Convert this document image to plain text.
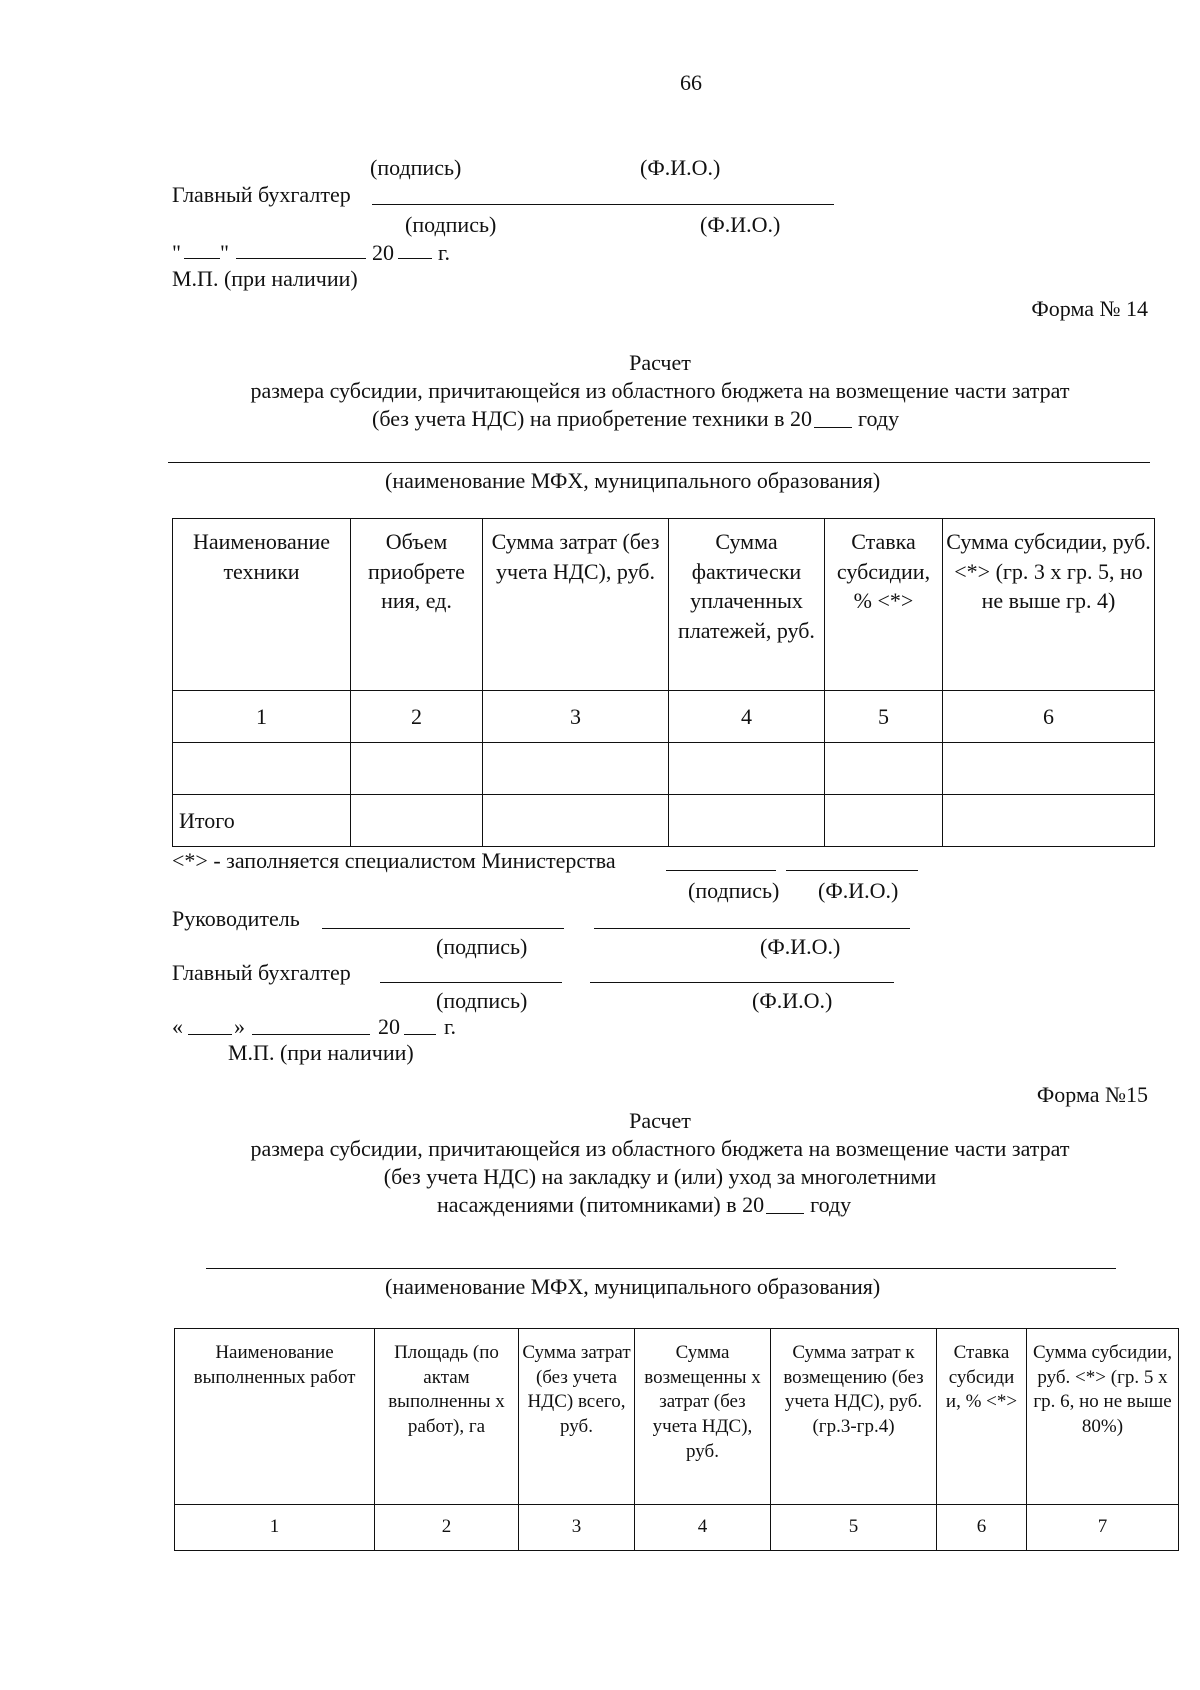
66
(подпись)	(Ф.И.О.)
Главный бухгалтер
(подпись)	(Ф.И.О.)
" "	20 г.
М.П. (при наличии)
Форма № 14
Расчет
размера субсидии, причитающейся из областного бюджета на возмещение части затрат
(без учета НДС) на приобретение техники в 20 году
(наименование МФХ, муниципального образования)
Наименование техники	Объем приобрете ния, ед.	Сумма затрат (без учета НДС), руб.	Сумма фактически уплаченных платежей, руб.	Ставка субсидии, % <*>	Сумма субсидии, руб. <*> (гр. 3 х гр. 5, но не выше гр. 4)
1	2	3	4	5	6

Итого					
<*> - заполняется специалистом Министерства
(подпись) (Ф.И.О.)
Руководитель
(подпись)	(Ф.И.О.)
Главный бухгалтер
(подпись)	(Ф.И.О.)
« »	20 г.
М.П. (при наличии)
Форма №15
Расчет
размера субсидии, причитающейся из областного бюджета на возмещение части затрат
(без учета НДС) на закладку и (или) уход за многолетними
насаждениями (питомниками) в 20 году
(наименование МФХ, муниципального образования)
Наименование выполненных работ	Площадь (по актам выполненны х работ), га	Сумма затрат (без учета НДС) всего, руб.	Сумма возмещенны х затрат (без учета НДС), руб.	Сумма затрат к возмещению (без учета НДС), руб. (гр.3-гр.4)	Ставка субсиди и, % <*>	Сумма субсидии, руб. <*> (гр. 5 х гр. 6, но не выше 80%)
1	2	3	4	5	6	7
